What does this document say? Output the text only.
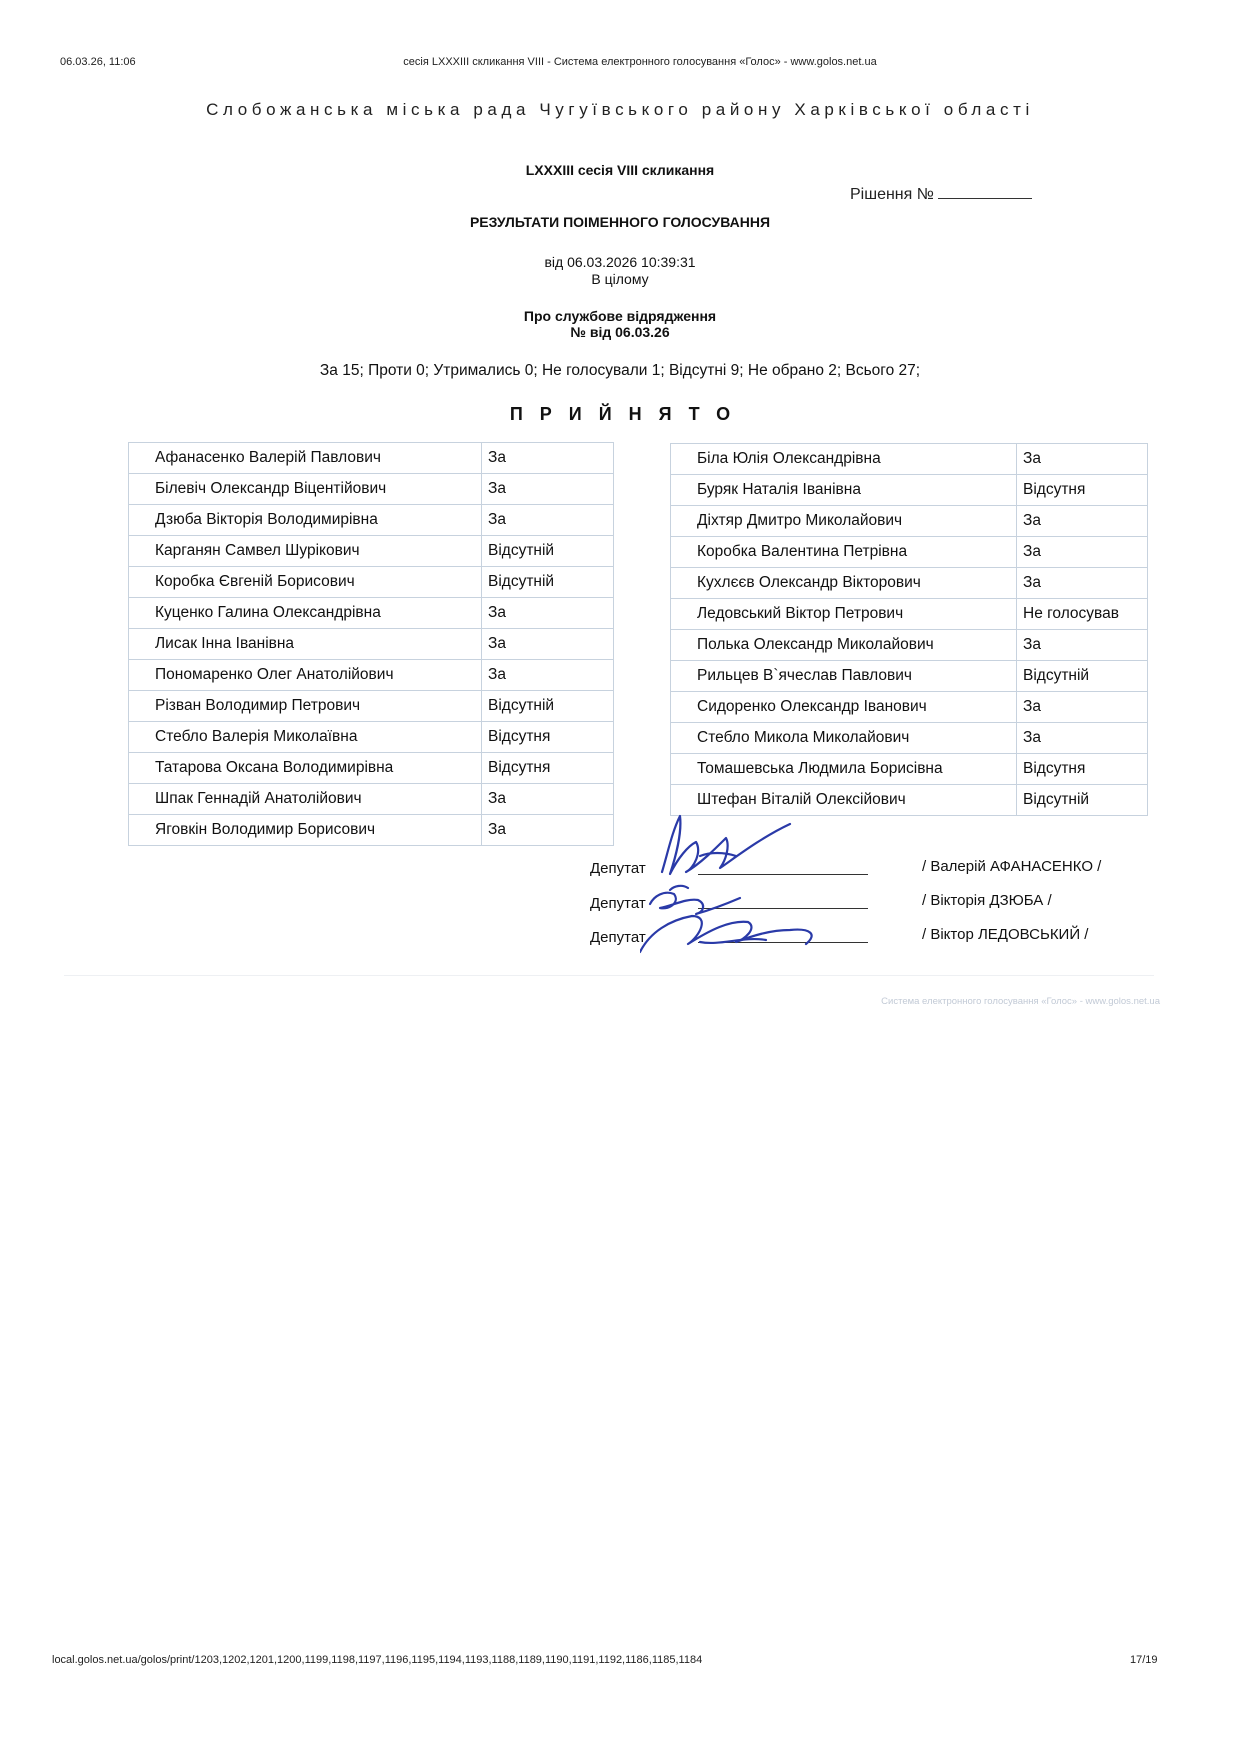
06.03.26, 11:06	сесія LXXXIII скликання VIII - Система електронного голосування «Голос» - www.golos.net.ua
Слобожанська міська рада Чугуївського району Харківської області
LXXXIII сесія VIII скликання
Рішення №
РЕЗУЛЬТАТИ ПОІМЕННОГО ГОЛОСУВАННЯ
від 06.03.2026 10:39:31
В цілому
Про службове відрядження
№ від 06.03.26
За 15; Проти 0; Утримались 0; Не голосували 1; Відсутні 9; Не обрано 2; Всього 27;
ПРИЙНЯТО
Афанасенко Валерій Павлович	За
Білевіч Олександр Віцентійович	За
Дзюба Вікторія Володимирівна	За
Карганян Самвел Шурікович	Відсутній
Коробка Євгеній Борисович	Відсутній
Куценко Галина Олександрівна	За
Лисак Інна Іванівна	За
Пономаренко Олег Анатолійович	За
Різван Володимир Петрович	Відсутній
Стебло Валерія Миколаївна	Відсутня
Татарова Оксана Володимирівна	Відсутня
Шпак Геннадій Анатолійович	За
Яговкін Володимир Борисович	За
Біла Юлія Олександрівна	За
Буряк Наталія Іванівна	Відсутня
Діхтяр Дмитро Миколайович	За
Коробка Валентина Петрівна	За
Кухлєєв Олександр Вікторович	За
Ледовський Віктор Петрович	Не голосував
Полька Олександр Миколайович	За
Рильцев В`ячеслав Павлович	Відсутній
Сидоренко Олександр Іванович	За
Стебло Микола Миколайович	За
Томашевська Людмила Борисівна	Відсутня
Штефан Віталій Олексійович	Відсутній
Депутат
Депутат
Депутат
/ Валерій АФАНАСЕНКО /
/ Вікторія ДЗЮБА /
/ Віктор ЛЕДОВСЬКИЙ /
Система електронного голосування «Голос» - www.golos.net.ua
local.golos.net.ua/golos/print/1203,1202,1201,1200,1199,1198,1197,1196,1195,1194,1193,1188,1189,1190,1191,1192,1186,1185,1184	17/19
